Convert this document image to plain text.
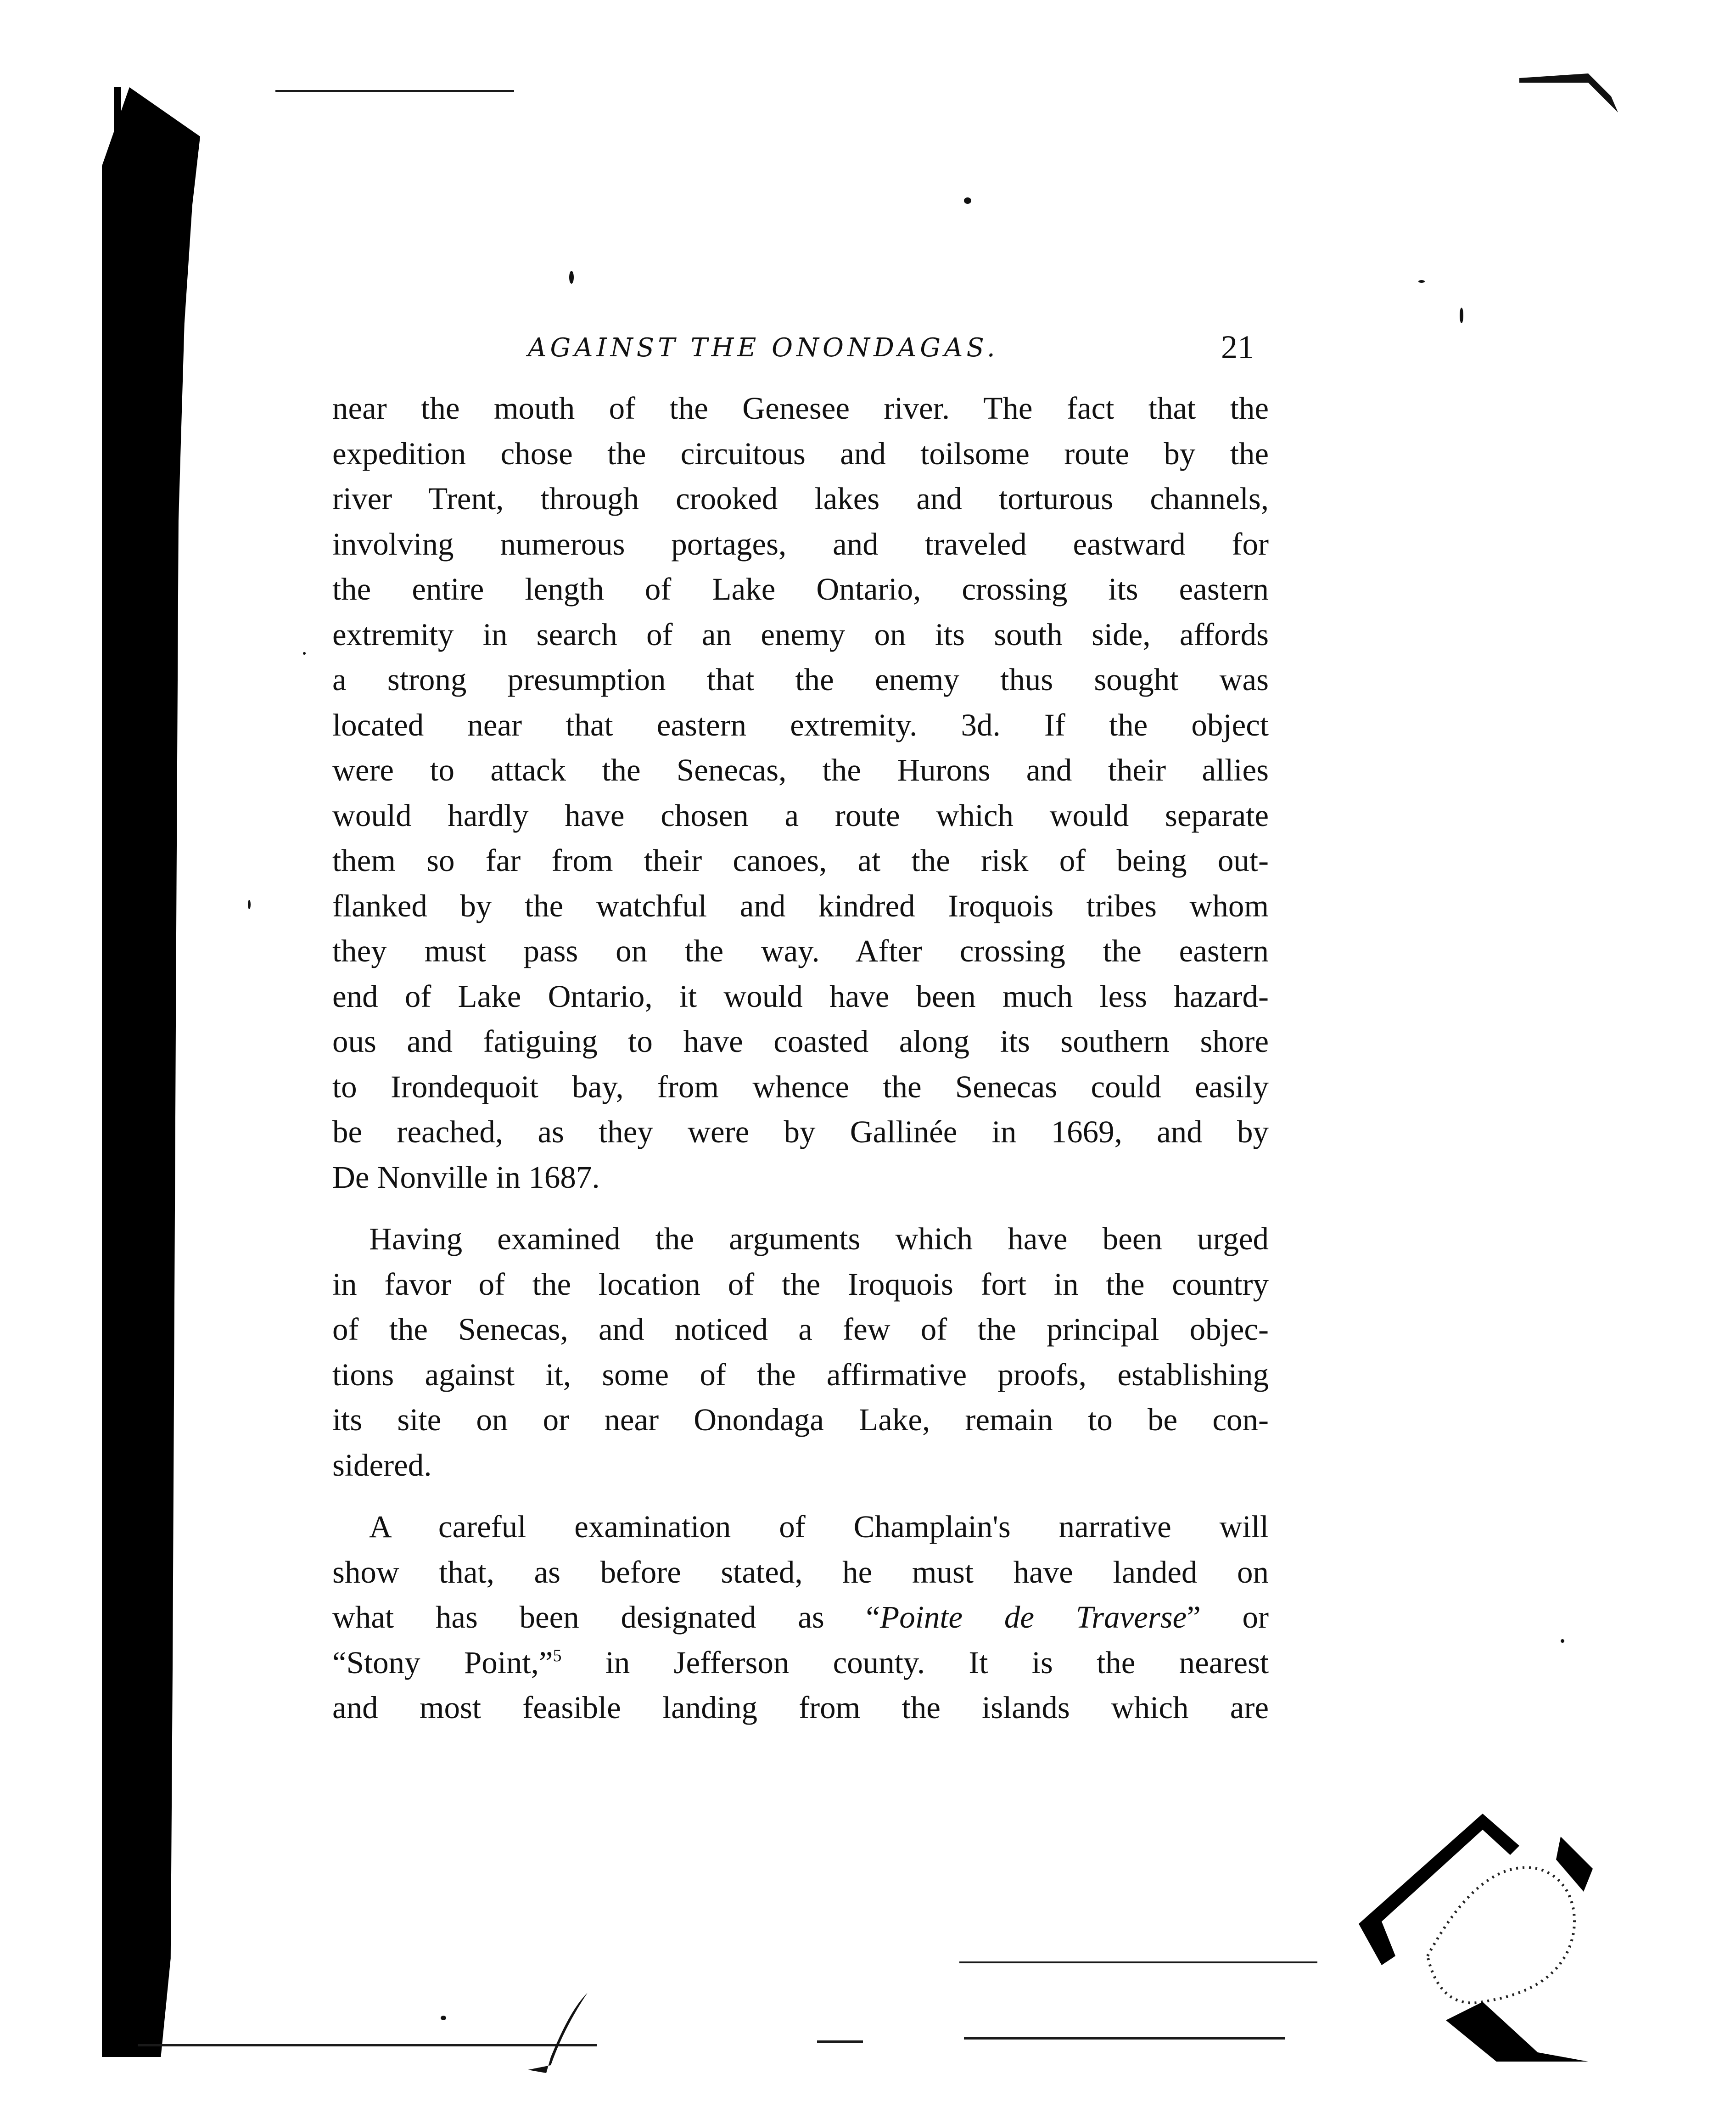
AGAINST THE ONONDAGAS.	21
near the mouth of the Genesee river. The fact that the
expedition chose the circuitous and toilsome route by the
river Trent, through crooked lakes and torturous channels,
involving numerous portages, and traveled eastward for
the entire length of Lake Ontario, crossing its eastern
extremity in search of an enemy on its south side, affords
a strong presumption that the enemy thus sought was
located near that eastern extremity. 3d. If the object
were to attack the Senecas, the Hurons and their allies
would hardly have chosen a route which would separate
them so far from their canoes, at the risk of being out-
flanked by the watchful and kindred Iroquois tribes whom
they must pass on the way. After crossing the eastern
end of Lake Ontario, it would have been much less hazard-
ous and fatiguing to have coasted along its southern shore
to Irondequoit bay, from whence the Senecas could easily
be reached, as they were by Gallinée in 1669, and by
De Nonville in 1687.
Having examined the arguments which have been urged
in favor of the location of the Iroquois fort in the country
of the Senecas, and noticed a few of the principal objec-
tions against it, some of the affirmative proofs, establishing
its site on or near Onondaga Lake, remain to be con-
sidered.
A careful examination of Champlain's narrative will
show that, as before stated, he must have landed on
what has been designated as “Pointe de Traverse” or
“Stony Point,”$^5$ in Jefferson county. It is the nearest
and most feasible landing from the islands which are
